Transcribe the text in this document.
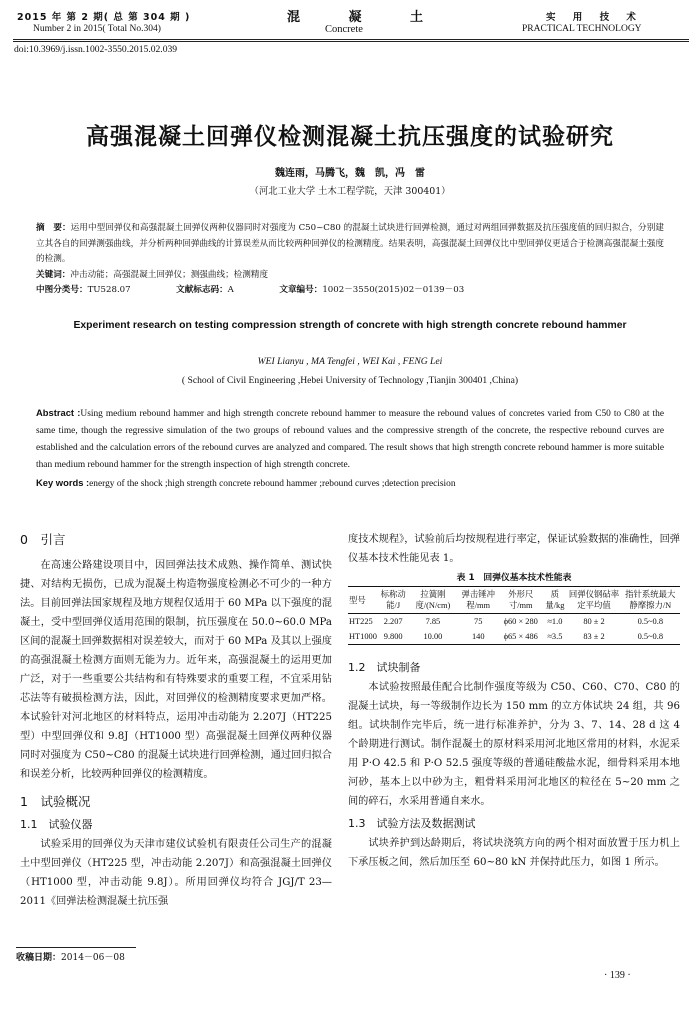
2015 年 第 2 期( 总 第 304 期 )
Number 2 in 2015( Total No.304)
混 凝 土
Concrete
实 用 技 术
PRACTICAL TECHNOLOGY
doi:10.3969/j.issn.1002-3550.2015.02.039
高强混凝土回弹仪检测混凝土抗压强度的试验研究
魏连雨，马腾飞，魏　凯，冯　雷
（河北工业大学 土木工程学院，天津 300401）
摘　要：运用中型回弹仪和高强混凝土回弹仪两种仪器同时对强度为 C50~C80 的混凝土试块进行回弹检测，通过对两组回弹数据及抗压强度值的回归拟合，分别建立其各自的回弹测强曲线，并分析两种回弹曲线的计算误差从而比较两种回弹仪的检测精度。结果表明，高强混凝土回弹仪比中型回弹仪更适合于检测高强混凝土强度的检测。
关键词：冲击动能；高强混凝土回弹仪；测强曲线；检测精度
中图分类号：TU528.07	文献标志码：A	文章编号：1002－3550(2015)02－0139－03
Experiment research on testing compression strength of concrete with high strength concrete rebound hammer
WEI Lianyu , MA Tengfei , WEI Kai , FENG Lei
( School of Civil Engineering ,Hebei University of Technology ,Tianjin 300401 ,China)
Abstract :Using medium rebound hammer and high strength concrete rebound hammer to measure the rebound values of concretes varied from C50 to C80 at the same time, though the regressive simulation of the two groups of rebound values and the compressive strength of the concrete, the respective rebound curves are established and the calculation errors of the rebound curves are analyzed and compared. The result shows that high strength concrete rebound hammer is more suitable than medium rebound hammer for the strength inspection of high strength concrete.
Key words :energy of the shock ;high strength concrete rebound hammer ;rebound curves ;detection precision

0　引言

在高速公路建设项目中，因回弹法技术成熟、操作简单、测试快捷、对结构无损伤，已成为混凝土构造物强度检测必不可少的一种方法。目前回弹法国家规程及地方规程仅适用于 60 MPa 以下强度的混凝土，受中型回弹仪适用范围的限制，抗压强度在 50.0~60.0 MPa 区间的混凝土回弹数据相对误差较大，而对于 60 MPa 及其以上强度的高强混凝土检测方面则无能为力。近年来，高强混凝土的运用更加广泛，对于一些重要公共结构和有特殊要求的重要工程，不宜采用钻芯法等有破损检测方法，因此，对回弹仪的检测精度要求更加严格。本试验针对河北地区的材料特点，运用冲击动能为 2.207J（HT225 型）中型回弹仪和 9.8J（HT1000 型）高强混凝土回弹仪两种仪器同时对强度为 C50~C80 的混凝土试块进行回弹检测，通过回归拟合和误差分析，比较两种回弹仪的检测精度。

1　试验概况

1.1　试验仪器

试验采用的回弹仪为天津市建仪试验机有限责任公司生产的混凝土中型回弹仪（HT225 型，冲击动能 2.207J）和高强混凝土回弹仪（HT1000 型，冲击动能 9.8J）。所用回弹仪均符合 JGJ/T 23—2011《回弹法检测混凝土抗压强

收稿日期：2014－06－08

度技术规程》，试验前后均按规程进行率定，保证试验数据的准确性，回弹仪基本技术性能见表 1。

表 1　回弹仪基本技术性能表
型号	标称动能/J	拉簧刚度/(N/cm)	弹击锤冲程/mm	外形尺寸/mm	质量/kg	回弹仪钢砧率定平均值	指针系统最大静摩擦力/N
HT225	2.207	7.85	75	ϕ60 × 280	≈1.0	80 ± 2	0.5~0.8
HT1000	9.800	10.00	140	ϕ65 × 486	≈3.5	83 ± 2	0.5~0.8

1.2　试块制备

本试验按照最佳配合比制作强度等级为 C50、C60、C70、C80 的混凝土试块，每一等级制作边长为 150 mm 的立方体试块 24 组，共 96 组。试块制作完毕后，统一进行标准养护，分为 3、7、14、28 d 这 4 个龄期进行测试。制作混凝土的原材料采用河北地区常用的材料，水泥采用 P·O 42.5 和 P·O 52.5 强度等级的普通硅酸盐水泥，细骨料采用本地河砂，基本上以中砂为主，粗骨料采用河北地区的粒径在 5~20 mm 之间的碎石，水采用普通自来水。

1.3　试验方法及数据测试

试块养护到达龄期后，将试块浇筑方向的两个相对面放置于压力机上下承压板之间，然后加压至 60~80 kN 并保持此压力，如图 1 所示。

· 139 ·
